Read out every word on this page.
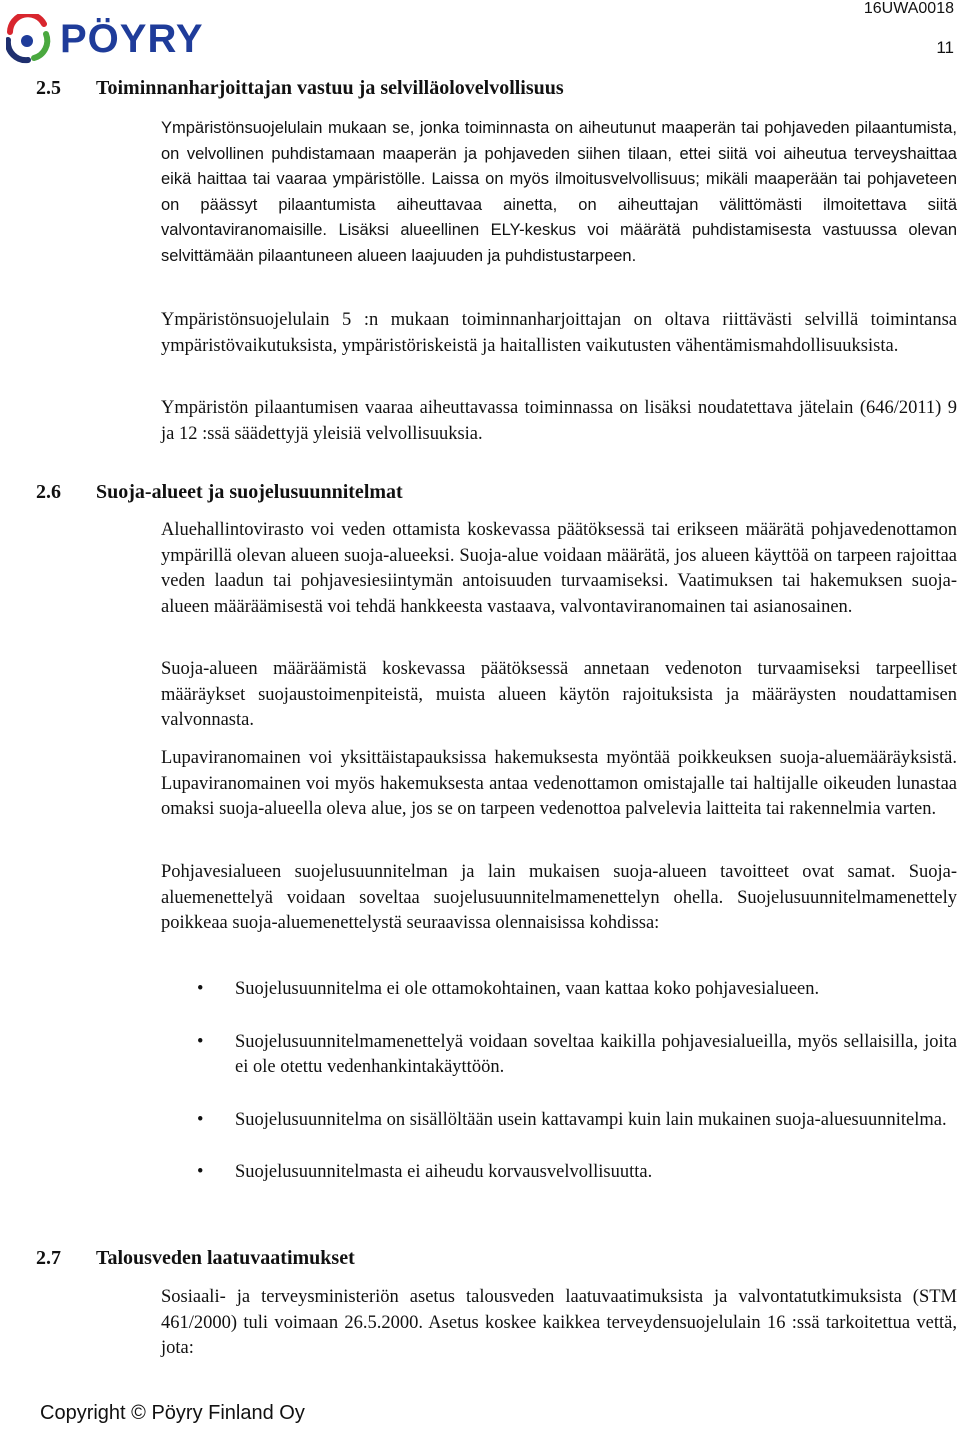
PÖYRY
16UWA0018
11
2.5 Toiminnanharjoittajan vastuu ja selvilläolovelvollisuus

Ympäristönsuojelulain mukaan se, jonka toiminnasta on aiheutunut maaperän tai pohjaveden pilaantumista, on velvollinen puhdistamaan maaperän ja pohjaveden siihen tilaan, ettei siitä voi aiheutua terveyshaittaa eikä haittaa tai vaaraa ympäristölle. Laissa on myös ilmoitusvelvollisuus; mikäli maaperään tai pohjaveteen on päässyt pilaantumista aiheuttavaa ainetta, on aiheuttajan välittömästi ilmoitettava siitä valvontaviranomaisille. Lisäksi alueellinen ELY-keskus voi määrätä puhdistamisesta vastuussa olevan selvittämään pilaantuneen alueen laajuuden ja puhdistustarpeen.

Ympäristönsuojelulain 5 :n mukaan toiminnanharjoittajan on oltava riittävästi selvillä toimintansa ympäristövaikutuksista, ympäristöriskeistä ja haitallisten vaikutusten vähentämismahdollisuuksista.

Ympäristön pilaantumisen vaaraa aiheuttavassa toiminnassa on lisäksi noudatettava jätelain (646/2011) 9 ja 12 :ssä säädettyjä yleisiä velvollisuuksia.

2.6 Suoja-alueet ja suojelusuunnitelmat

Aluehallintovirasto voi veden ottamista koskevassa päätöksessä tai erikseen määrätä pohjavedenottamon ympärillä olevan alueen suoja-alueeksi. Suoja-alue voidaan määrätä, jos alueen käyttöä on tarpeen rajoittaa veden laadun tai pohjavesiesiintymän antoisuuden turvaamiseksi. Vaatimuksen tai hakemuksen suoja-alueen määräämisestä voi tehdä hankkeesta vastaava, valvontaviranomainen tai asianosainen.

Suoja-alueen määräämistä koskevassa päätöksessä annetaan vedenoton turvaamiseksi tarpeelliset määräykset suojaustoimenpiteistä, muista alueen käytön rajoituksista ja määräysten noudattamisen valvonnasta.

Lupaviranomainen voi yksittäistapauksissa hakemuksesta myöntää poikkeuksen suoja-aluemääräyksistä. Lupaviranomainen voi myös hakemuksesta antaa vedenottamon omistajalle tai haltijalle oikeuden lunastaa omaksi suoja-alueella oleva alue, jos se on tarpeen vedenottoa palvelevia laitteita tai rakennelmia varten.

Pohjavesialueen suojelusuunnitelman ja lain mukaisen suoja-alueen tavoitteet ovat samat. Suoja-aluemenettelyä voidaan soveltaa suojelusuunnitelmamenettelyn ohella. Suojelusuunnitelmamenettely poikkeaa suoja-aluemenettelystä seuraavissa olennaisissa kohdissa:

• Suojelusuunnitelma ei ole ottamokohtainen, vaan kattaa koko pohjavesialueen.
• Suojelusuunnitelmamenettelyä voidaan soveltaa kaikilla pohjavesialueilla, myös sellaisilla, joita ei ole otettu vedenhankintakäyttöön.
• Suojelusuunnitelma on sisällöltään usein kattavampi kuin lain mukainen suoja-aluesuunnitelma.
• Suojelusuunnitelmasta ei aiheudu korvausvelvollisuutta.
2.7 Talousveden laatuvaatimukset

Sosiaali- ja terveysministeriön asetus talousveden laatuvaatimuksista ja valvontatutkimuksista (STM 461/2000) tuli voimaan 26.5.2000. Asetus koskee kaikkea terveydensuojelulain 16 :ssä tarkoitettua vettä, jota:

Copyright © Pöyry Finland Oy
